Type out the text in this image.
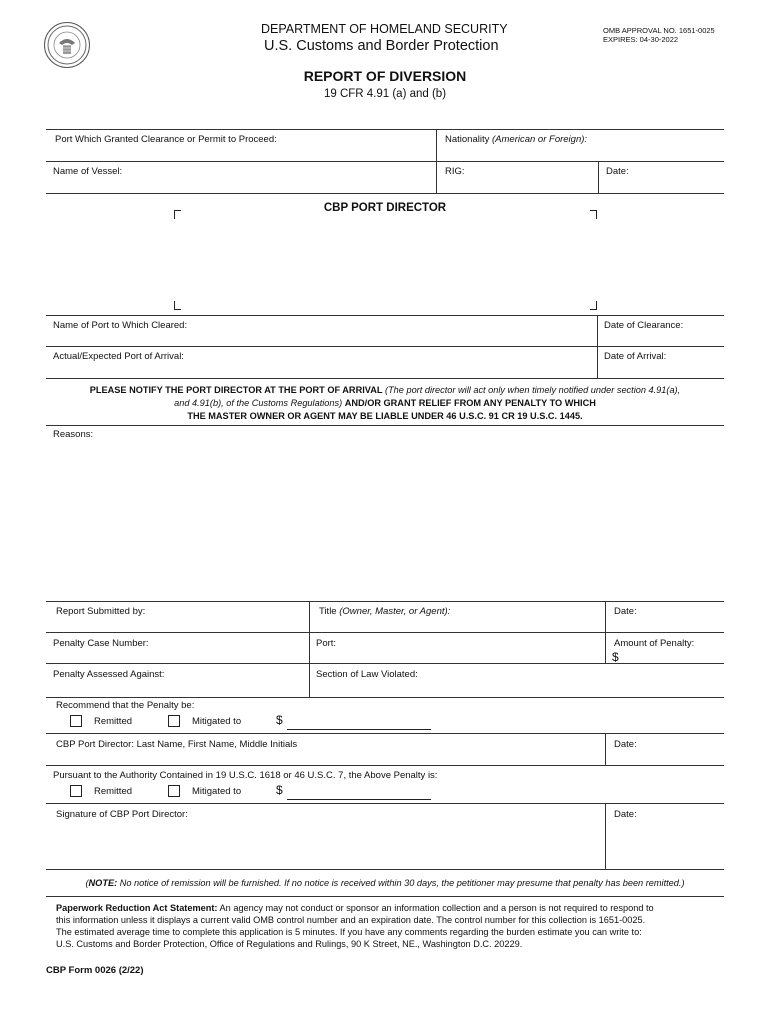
DEPARTMENT OF HOMELAND SECURITY
U.S. Customs and Border Protection
OMB APPROVAL NO. 1651-0025
EXPIRES: 04-30-2022
REPORT OF DIVERSION
19 CFR 4.91 (a) and (b)
Port Which Granted Clearance or Permit to Proceed:	Nationality (American or Foreign):
Name of Vessel:	RIG:	Date:
CBP PORT DIRECTOR
Name of Port to Which Cleared:	Date of Clearance:
Actual/Expected Port of Arrival:	Date of Arrival:
PLEASE NOTIFY THE PORT DIRECTOR AT THE PORT OF ARRIVAL (The port director will act only when timely notified under section 4.91(a),
and 4.91(b), of the Customs Regulations) AND/OR GRANT RELIEF FROM ANY PENALTY TO WHICH
THE MASTER OWNER OR AGENT MAY BE LIABLE UNDER 46 U.S.C. 91 CR 19 U.S.C. 1445.
Reasons:
Report Submitted by:	Title (Owner, Master, or Agent):	Date:
Penalty Case Number:	Port:	Amount of Penalty:
$
Penalty Assessed Against:	Section of Law Violated:
Recommend that the Penalty be:
Remitted	Mitigated to	$
CBP Port Director: Last Name, First Name, Middle Initials	Date:
Pursuant to the Authority Contained in 19 U.S.C. 1618 or 46 U.S.C. 7, the Above Penalty is:
Remitted	Mitigated to	$
Signature of CBP Port Director:	Date:
(NOTE: No notice of remission will be furnished. If no notice is received within 30 days, the petitioner may presume that penalty has been remitted.)
Paperwork Reduction Act Statement: An agency may not conduct or sponsor an information collection and a person is not required to respond to
this information unless it displays a current valid OMB control number and an expiration date. The control number for this collection is 1651-0025.
The estimated average time to complete this application is 5 minutes. If you have any comments regarding the burden estimate you can write to:
U.S. Customs and Border Protection, Office of Regulations and Rulings, 90 K Street, NE., Washington D.C. 20229.
CBP Form 0026 (2/22)
